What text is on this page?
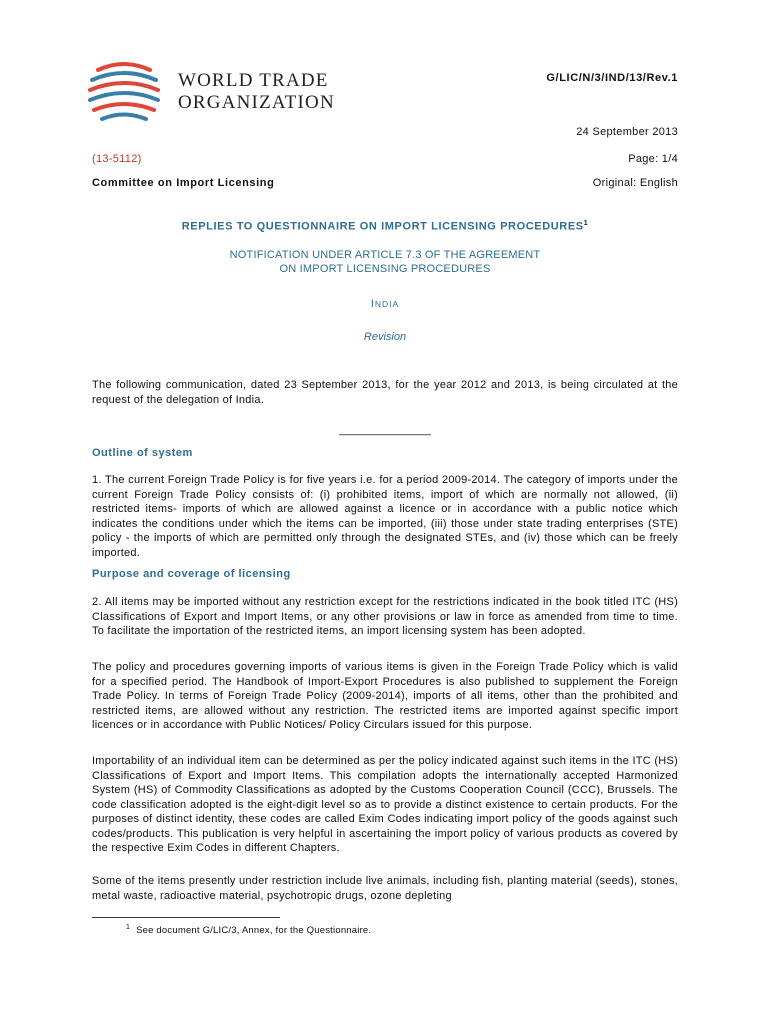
WORLD TRADE
ORGANIZATION
G/LIC/N/3/IND/13/Rev.1
24 September 2013
(13-5112)	Page: 1/4
Committee on Import Licensing	Original: English
REPLIES TO QUESTIONNAIRE ON IMPORT LICENSING PROCEDURES$^1$
NOTIFICATION UNDER ARTICLE 7.3 OF THE AGREEMENT
ON IMPORT LICENSING PROCEDURES
INDIA
Revision
The following communication, dated 23 September 2013, for the year 2012 and 2013, is being circulated at the request of the delegation of India.
_______________
Outline of system
1. The current Foreign Trade Policy is for five years i.e. for a period 2009-2014. The category of imports under the current Foreign Trade Policy consists of: (i) prohibited items, import of which are normally not allowed, (ii) restricted items- imports of which are allowed against a licence or in accordance with a public notice which indicates the conditions under which the items can be imported, (iii) those under state trading enterprises (STE) policy - the imports of which are permitted only through the designated STEs, and (iv) those which can be freely imported.
Purpose and coverage of licensing
2. All items may be imported without any restriction except for the restrictions indicated in the book titled ITC (HS) Classifications of Export and Import Items, or any other provisions or law in force as amended from time to time. To facilitate the importation of the restricted items, an import licensing system has been adopted.
The policy and procedures governing imports of various items is given in the Foreign Trade Policy which is valid for a specified period. The Handbook of Import-Export Procedures is also published to supplement the Foreign Trade Policy. In terms of Foreign Trade Policy (2009-2014), imports of all items, other than the prohibited and restricted items, are allowed without any restriction. The restricted items are imported against specific import licences or in accordance with Public Notices/ Policy Circulars issued for this purpose.
Importability of an individual item can be determined as per the policy indicated against such items in the ITC (HS) Classifications of Export and Import Items. This compilation adopts the internationally accepted Harmonized System (HS) of Commodity Classifications as adopted by the Customs Cooperation Council (CCC), Brussels. The code classification adopted is the eight-digit level so as to provide a distinct existence to certain products. For the purposes of distinct identity, these codes are called Exim Codes indicating import policy of the goods against such codes/products. This publication is very helpful in ascertaining the import policy of various products as covered by the respective Exim Codes in different Chapters.
Some of the items presently under restriction include live animals, including fish, planting material (seeds), stones, metal waste, radioactive material, psychotropic drugs, ozone depleting
$^1$ See document G/LIC/3, Annex, for the Questionnaire.
